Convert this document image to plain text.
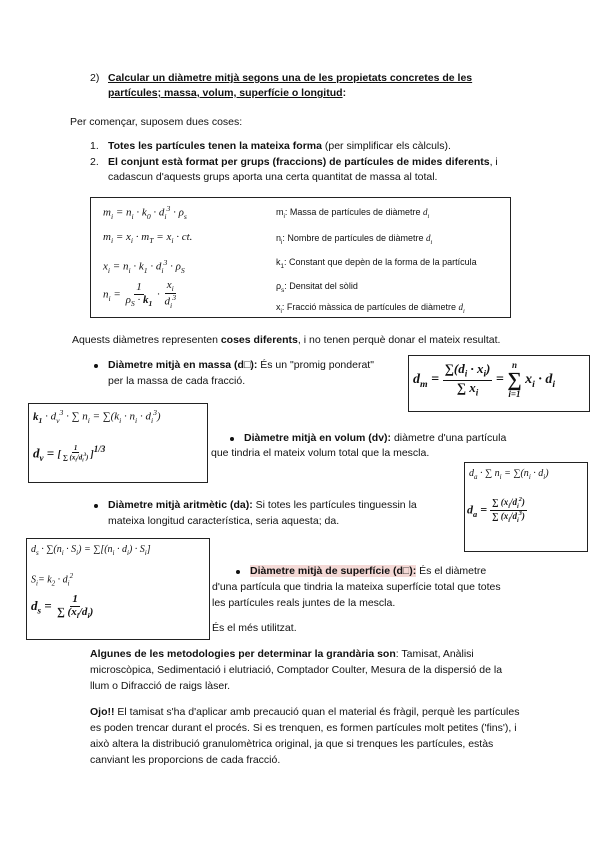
2) Calcular un diàmetre mitjà segons una de les propietats concretes de les
partícules; massa, volum, superfície o longitud:
Per començar, suposem dues coses:
1. Totes les partícules tenen la mateixa forma (per simplificar els càlculs).
2. El conjunt està format per grups (fraccions) de partícules de mides diferents, i
cadascun d'aquests grups aporta una certa quantitat de massa al total.
$m_i = n_i \cdot k_0 \cdot d_i^3 \cdot \rho_s$
$m_i = x_i \cdot m_T = x_i$ · ct.
$x_i = n_i \cdot k_1 \cdot d_i^3 \cdot \rho_S$
$n_i = \frac{1}{\rho_S \cdot k_1} \cdot \frac{x_i}{d_i^3}$
$m_i$: Massa de partícules de diàmetre $d_i$
$n_i$: Nombre de partícules de diàmetre $d_i$
$k_1$: Constant que depèn de la forma de la partícula
$\rho_s$: Densitat del sòlid
$x_i$: Fracció màssica de partícules de diàmetre $d_i$
Aquests diàmetres representen coses diferents, i no tenen perquè donar el mateix resultat.
Diàmetre mitjà en massa (d□): És un "promig ponderat"
per la massa de cada fracció.	$d_m = \frac{\sum(d_i \cdot x_i)}{\sum x_i}$ =
n
∑
i=1
$x_i \cdot d_i$
$k_1 \cdot d_v^3$ · ∑ $n_i = \sum(k_i \cdot n_i \cdot d_i^3)$
$d_v$ = [ $\frac{1}{\sum (x_i/d_i^3)} ]^{1/3}$
Diàmetre mitjà en volum (dv): diàmetre d'una partícula
que tindria el mateix volum total que la mescla.
$d_a$ · ∑ $n_i = \sum(n_i \cdot d_i)$
$d_a = \frac{\sum (x_i/d_i^2)}{\sum (x_i/d_i^3)}$
Diàmetre mitjà aritmètic (da): Si totes les partícules tinguessin la
mateixa longitud característica, seria aquesta; da.
$d_s \cdot \sum(n_i \cdot S_i) = \sum[(n_i \cdot d_i) \cdot S_i]$
$S_i= k_2 \cdot d_i^2$
$d_s = \frac{1}{\sum (x_i/d_i)}$
Diàmetre mitjà de superfície (d□): És el diàmetre
d'una partícula que tindria la mateixa superfície total que totes
les partícules reals juntes de la mescla.
És el més utilitzat.
Algunes de les metodologies per determinar la grandària son: Tamisat, Anàlisi
microscòpica, Sedimentació i elutriació, Comptador Coulter, Mesura de la dispersió de la
llum o Difracció de raigs làser.
Ojo!! El tamisat s'ha d'aplicar amb precaució quan el material és fràgil, perquè les partícules
es poden trencar durant el procés. Si es trenquen, es formen partícules molt petites ('fins'), i
això altera la distribució granulomètrica original, ja que si trenques les partícules, estàs
canviant les proporcions de cada fracció.
